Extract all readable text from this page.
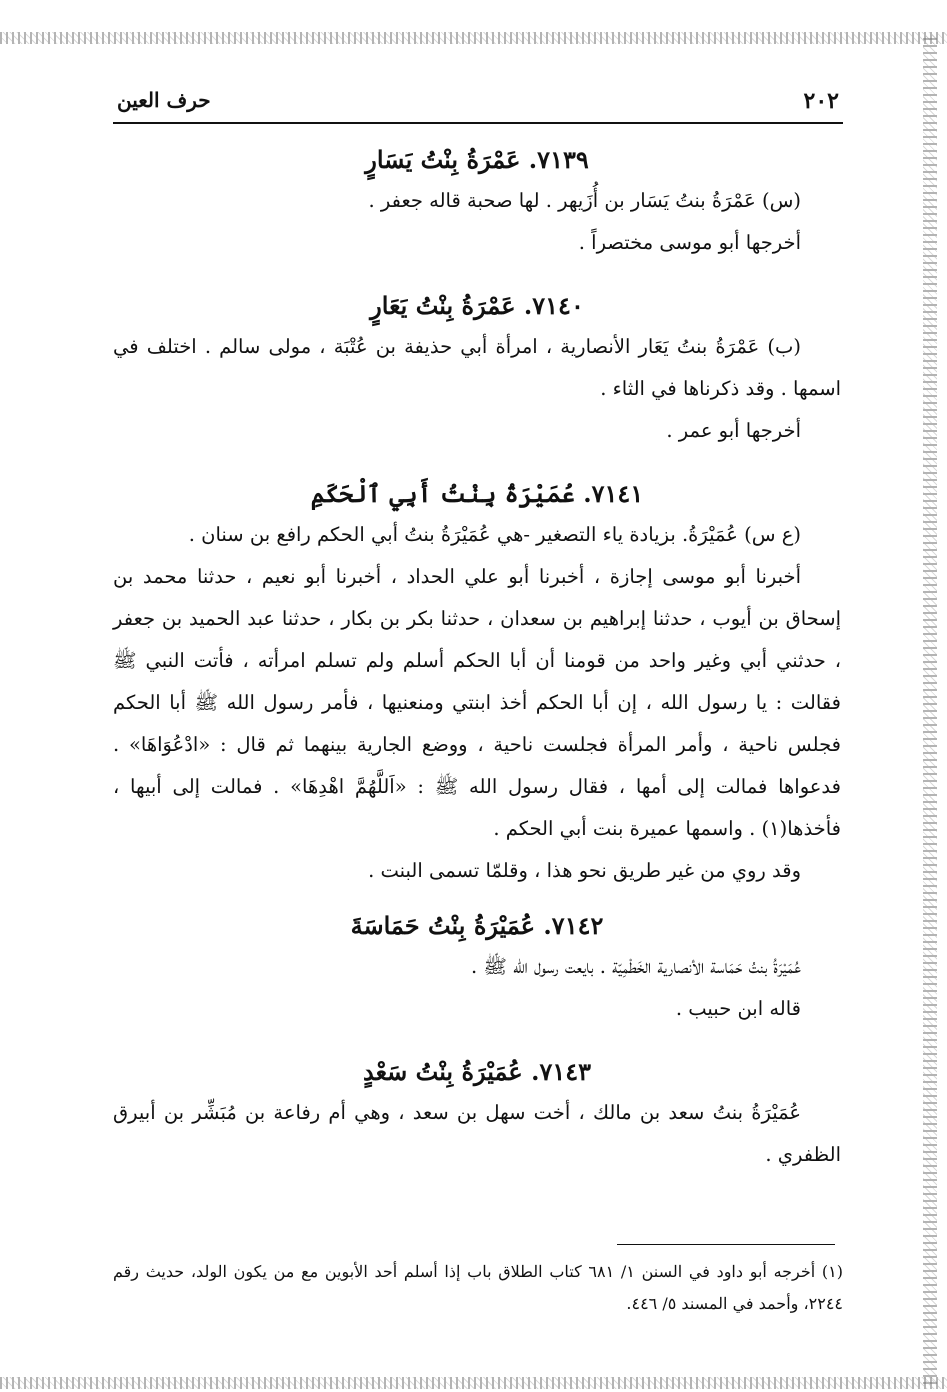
٢٠٢
حرف العين
٧١٣٩. عَمْرَةُ بِنْتُ يَسَارٍ

(س) عَمْرَةُ بنتُ يَسَار بن أُزَيهر . لها صحبة قاله جعفر .

أخرجها أبو موسى مختصراً .

٧١٤٠. عَمْرَةُ بِنْتُ يَعَارٍ

(ب) عَمْرَةُ بنتُ يَعَار الأنصارية ، امرأة أبي حذيفة بن عُتْبَة ، مولى سالم . اختلف في اسمها . وقد ذكرناها في الثاء .

أخرجها أبو عمر .

٧١٤١. عُمَيْرَةُ بِنْتُ أَبِي ٱلْحَكَمِ

(ع س) عُمَيْرَةُ. بزيادة ياء التصغير -هي عُمَيْرَةُ بنتُ أبي الحكم رافع بن سنان .

أخبرنا أبو موسى إجازة ، أخبرنا أبو علي الحداد ، أخبرنا أبو نعيم ، حدثنا محمد بن إسحاق بن أيوب ، حدثنا إبراهيم بن سعدان ، حدثنا بكر بن بكار ، حدثنا عبد الحميد بن جعفر ، حدثني أبي وغير واحد من قومنا أن أبا الحكم أسلم ولم تسلم امرأته ، فأتت النبي ﷺ فقالت : يا رسول الله ، إن أبا الحكم أخذ ابنتي ومنعنيها ، فأمر رسول الله ﷺ أبا الحكم فجلس ناحية ، وأمر المرأة فجلست ناحية ، ووضع الجارية بينهما ثم قال : «ادْعُوَاهَا» . فدعواها فمالت إلى أمها ، فقال رسول الله ﷺ : «اَللَّهُمَّ اهْدِهَا» . فمالت إلى أبيها ، فأخذها(١) . واسمها عميرة بنت أبي الحكم .

وقد روي من غير طريق نحو هذا ، وقلمّا تسمى البنت .

٧١٤٢. عُمَيْرَةُ بِنْتُ حَمَاسَةَ

عُمَيْرَةُ بنتُ حَمَاسة الأنصارية الخَطْمِيّة . بايعت رسول الله ﷺ .

قاله ابن حبيب .

٧١٤٣. عُمَيْرَةُ بِنْتُ سَعْدٍ

عُمَيْرَةُ بنتُ سعد بن مالك ، أخت سهل بن سعد ، وهي أم رفاعة بن مُبَشِّر بن أبيرق الظفري .

(١) أخرجه أبو داود في السنن ١/ ٦٨١ كتاب الطلاق باب إذا أسلم أحد الأبوين مع من يكون الولد، حديث رقم ٢٢٤٤، وأحمد في المسند ٥/ ٤٤٦.
